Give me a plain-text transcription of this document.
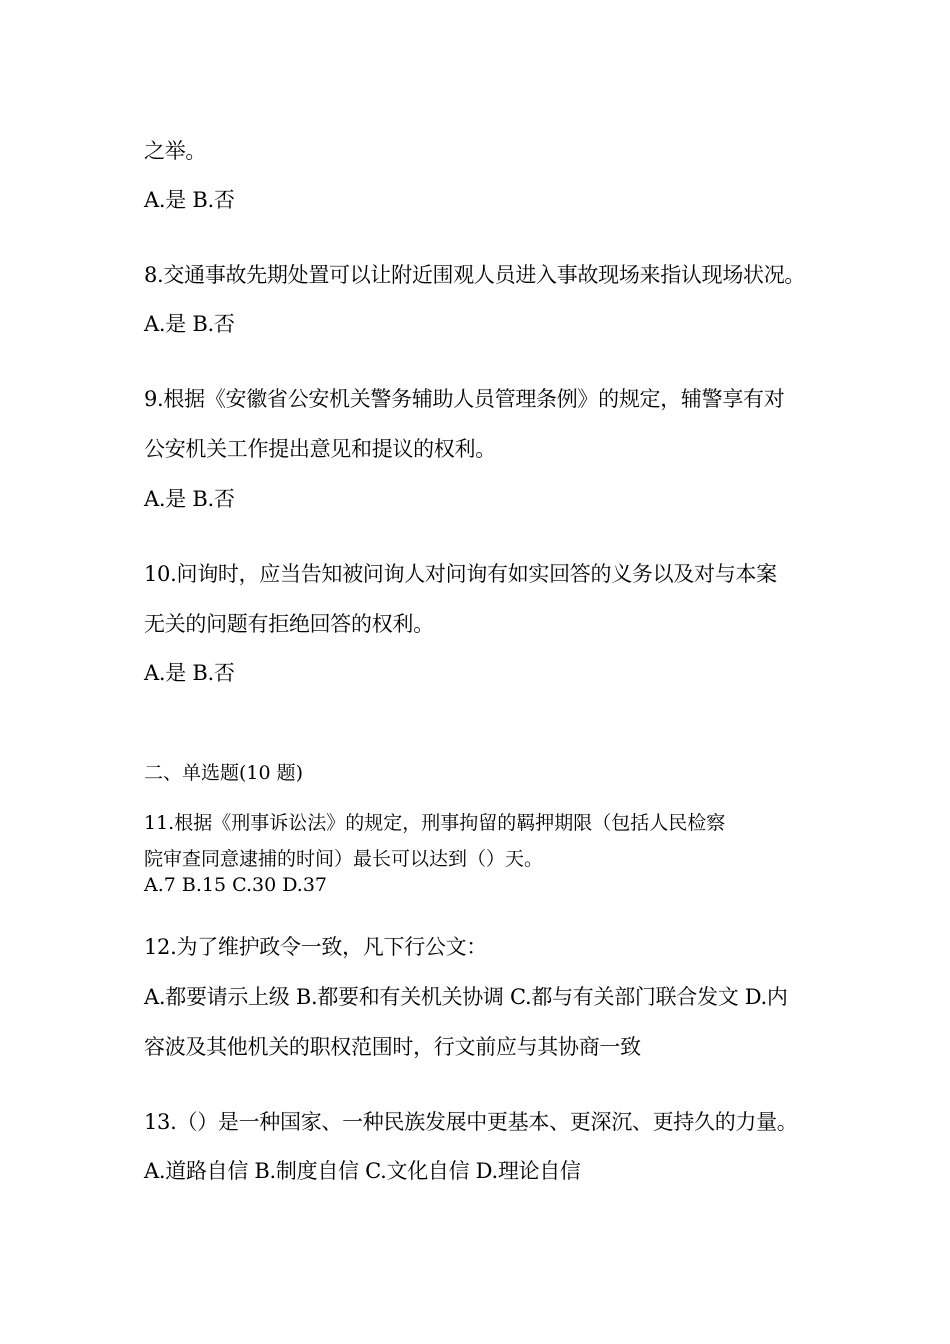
之举。
A.是 B.否
8.交通事故先期处置可以让附近围观人员进入事故现场来指认现场状况。
A.是 B.否
9.根据《安徽省公安机关警务辅助人员管理条例》的规定，辅警享有对
公安机关工作提出意见和提议的权利。
A.是 B.否
10.问询时，应当告知被问询人对问询有如实回答的义务以及对与本案
无关的问题有拒绝回答的权利。
A.是 B.否
二、单选题(10 题)
11.根据《刑事诉讼法》的规定，刑事拘留的羁押期限（包括人民检察
院审查同意逮捕的时间）最长可以达到（）天。
A.7 B.15 C.30 D.37
12.为了维护政令一致，凡下行公文：
A.都要请示上级 B.都要和有关机关协调 C.都与有关部门联合发文 D.内
容波及其他机关的职权范围时，行文前应与其协商一致
13.（）是一种国家、一种民族发展中更基本、更深沉、更持久的力量。
A.道路自信 B.制度自信 C.文化自信 D.理论自信
